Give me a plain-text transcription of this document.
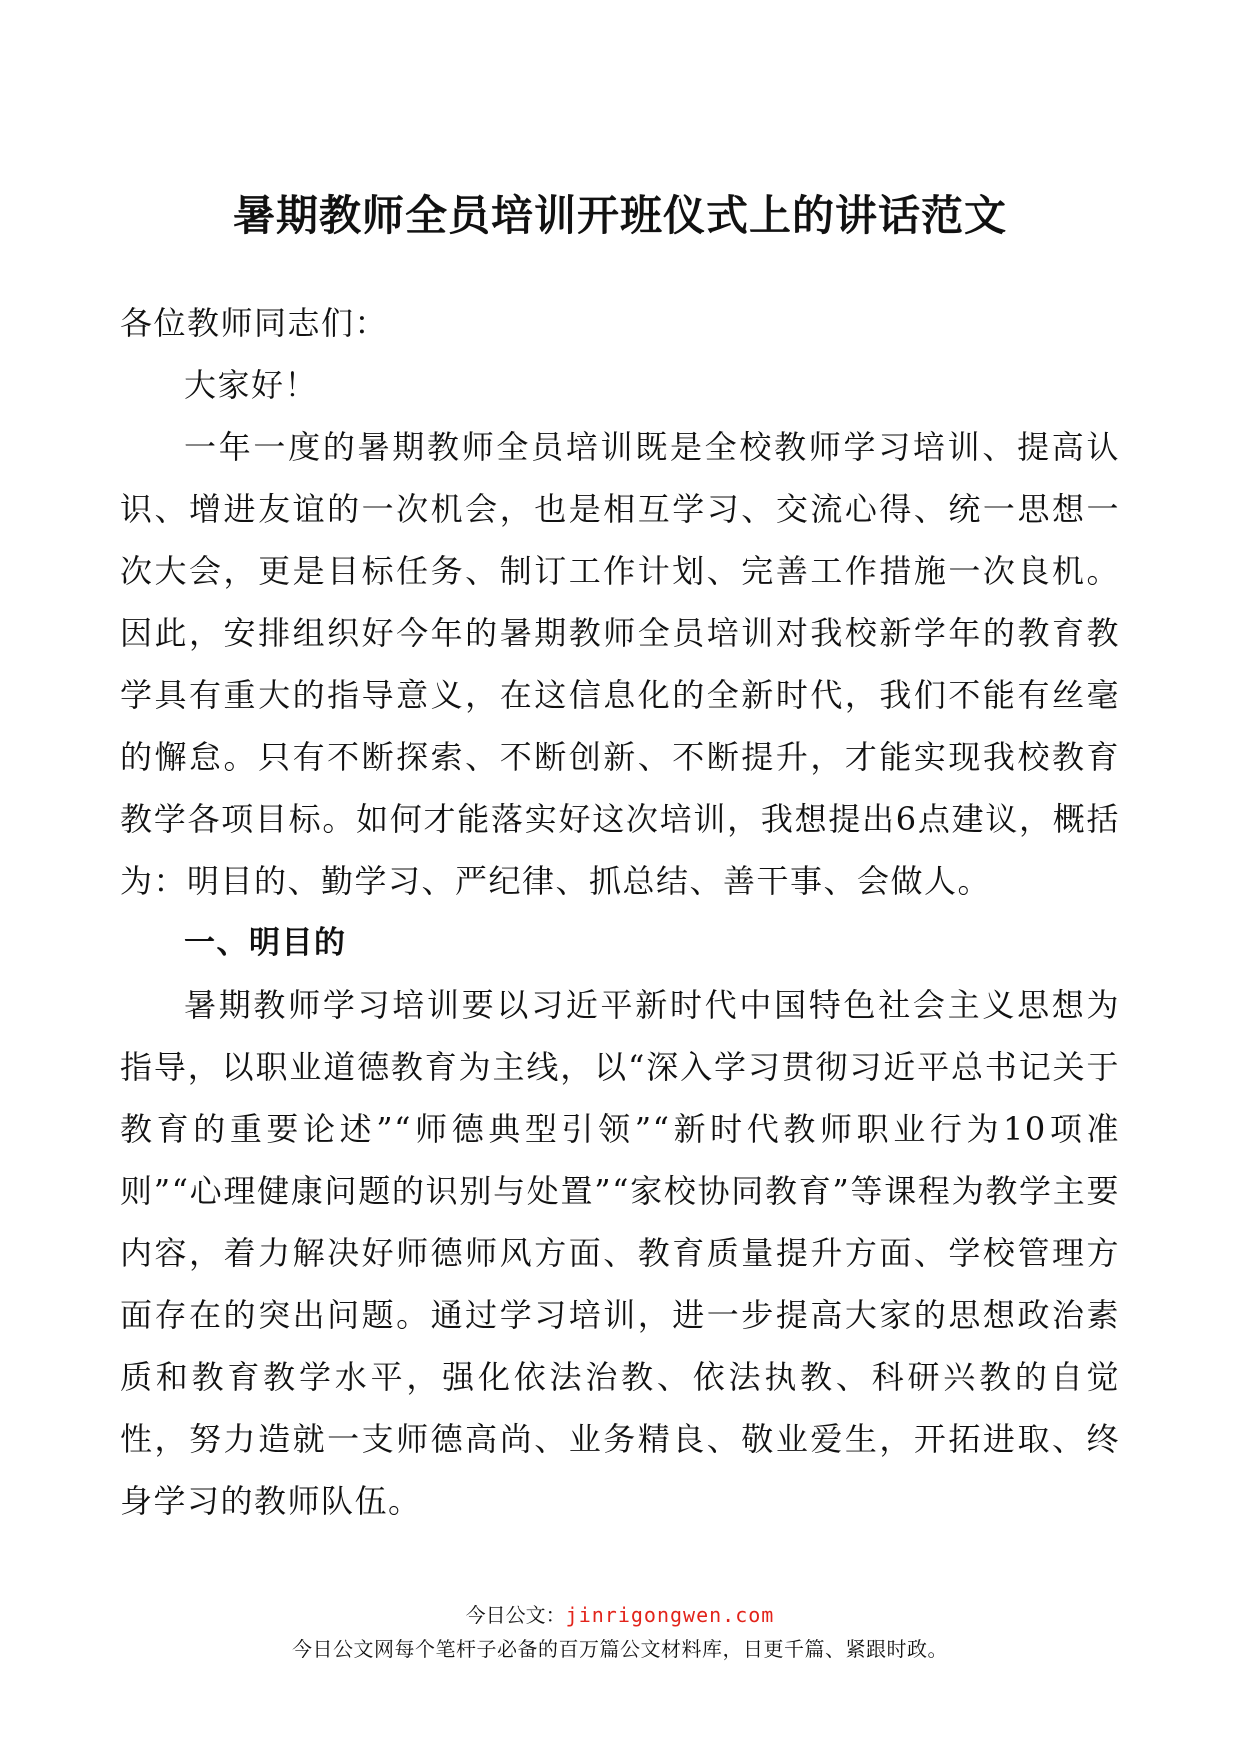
暑期教师全员培训开班仪式上的讲话范文

各位教师同志们：

大家好！

一年一度的暑期教师全员培训既是全校教师学习培训、提高认识、增进友谊的一次机会，也是相互学习、交流心得、统一思想一次大会，更是目标任务、制订工作计划、完善工作措施一次良机。因此，安排组织好今年的暑期教师全员培训对我校新学年的教育教学具有重大的指导意义，在这信息化的全新时代，我们不能有丝毫的懈怠。只有不断探索、不断创新、不断提升，才能实现我校教育教学各项目标。如何才能落实好这次培训，我想提出6点建议，概括为：明目的、勤学习、严纪律、抓总结、善干事、会做人。

一、明目的

暑期教师学习培训要以习近平新时代中国特色社会主义思想为指导，以职业道德教育为主线，以“深入学习贯彻习近平总书记关于教育的重要论述”“师德典型引领”“新时代教师职业行为10项准则”“心理健康问题的识别与处置”“家校协同教育”等课程为教学主要内容，着力解决好师德师风方面、教育质量提升方面、学校管理方面存在的突出问题。通过学习培训，进一步提高大家的思想政治素质和教育教学水平，强化依法治教、依法执教、科研兴教的自觉性，努力造就一支师德高尚、业务精良、敬业爱生，开拓进取、终身学习的教师队伍。

今日公文：jinrigongwen.com
今日公文网每个笔杆子必备的百万篇公文材料库，日更千篇、紧跟时政。
